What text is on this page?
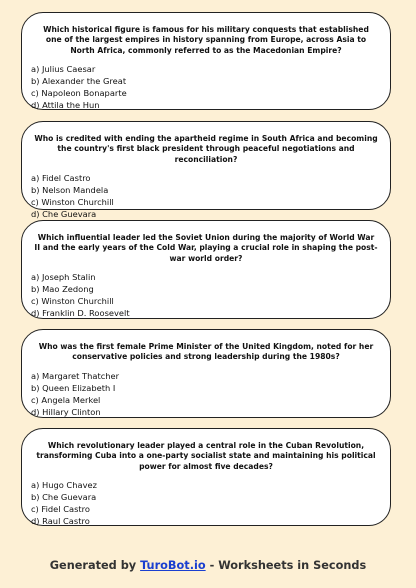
Which historical figure is famous for his military conquests that established one of the largest empires in history spanning from Europe, across Asia to North Africa, commonly referred to as the Macedonian Empire?
a) Julius Caesar
b) Alexander the Great
c) Napoleon Bonaparte
d) Attila the Hun
Who is credited with ending the apartheid regime in South Africa and becoming the country's first black president through peaceful negotiations and reconciliation?
a) Fidel Castro
b) Nelson Mandela
c) Winston Churchill
d) Che Guevara
Which influential leader led the Soviet Union during the majority of World War II and the early years of the Cold War, playing a crucial role in shaping the post-war world order?
a) Joseph Stalin
b) Mao Zedong
c) Winston Churchill
d) Franklin D. Roosevelt
Who was the first female Prime Minister of the United Kingdom, noted for her conservative policies and strong leadership during the 1980s?
a) Margaret Thatcher
b) Queen Elizabeth I
c) Angela Merkel
d) Hillary Clinton
Which revolutionary leader played a central role in the Cuban Revolution, transforming Cuba into a one-party socialist state and maintaining his political power for almost five decades?
a) Hugo Chavez
b) Che Guevara
c) Fidel Castro
d) Raul Castro
Generated by TuroBot.io - Worksheets in Seconds
